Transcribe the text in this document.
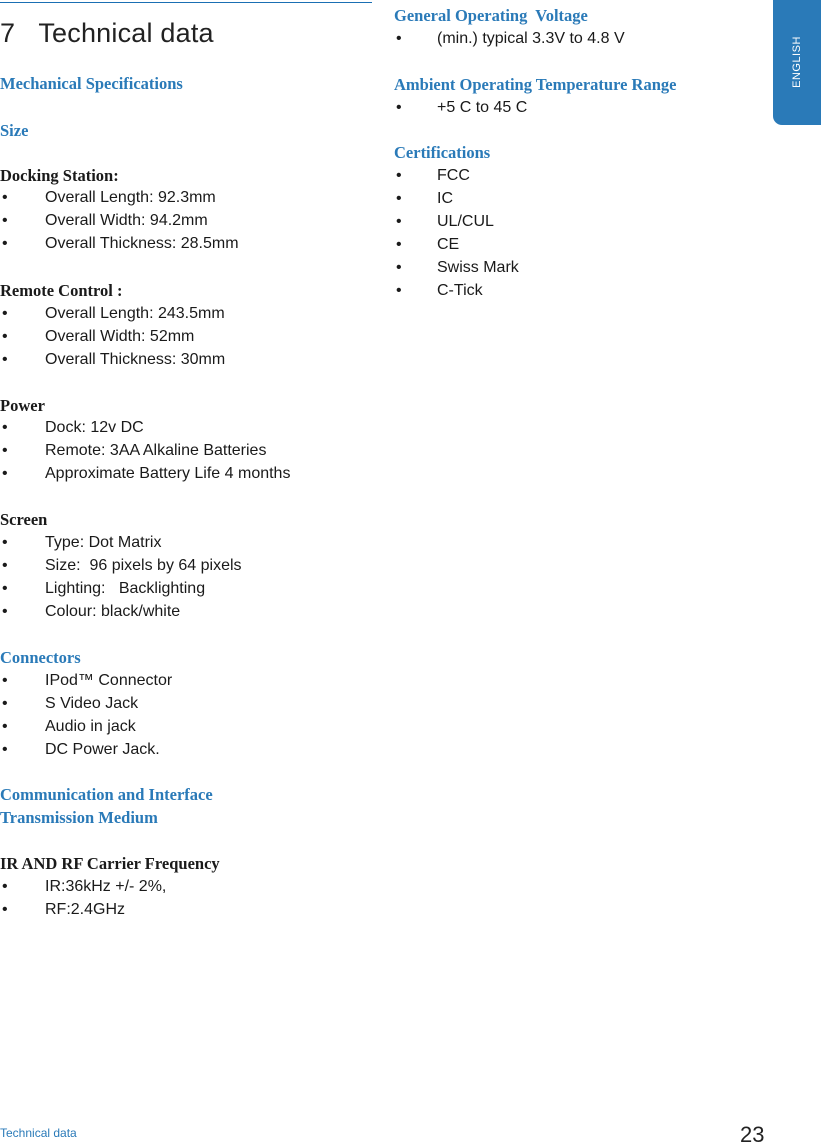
7 Technical data
Mechanical Specifications
Size
Docking Station:
• Overall Length: 92.3mm
• Overall Width: 94.2mm
• Overall Thickness: 28.5mm
Remote Control :
• Overall Length: 243.5mm
• Overall Width: 52mm
• Overall Thickness: 30mm
Power
• Dock: 12v DC
• Remote: 3AA Alkaline Batteries
• Approximate Battery Life 4 months
Screen
• Type: Dot Matrix
• Size:  96 pixels by 64 pixels
• Lighting:   Backlighting
• Colour: black/white
Connectors
• IPod™ Connector
• S Video Jack
• Audio in jack
• DC Power Jack.
Communication and Interface
Transmission Medium
IR AND RF Carrier Frequency
• IR:36kHz +/- 2%,
• RF:2.4GHz
General Operating  Voltage
• (min.) typical 3.3V to 4.8 V
Ambient Operating Temperature Range
• +5 C to 45 C
Certifications
• FCC
• IC
• UL/CUL
• CE
• Swiss Mark
• C-Tick
ENGLISH
Technical data	23
